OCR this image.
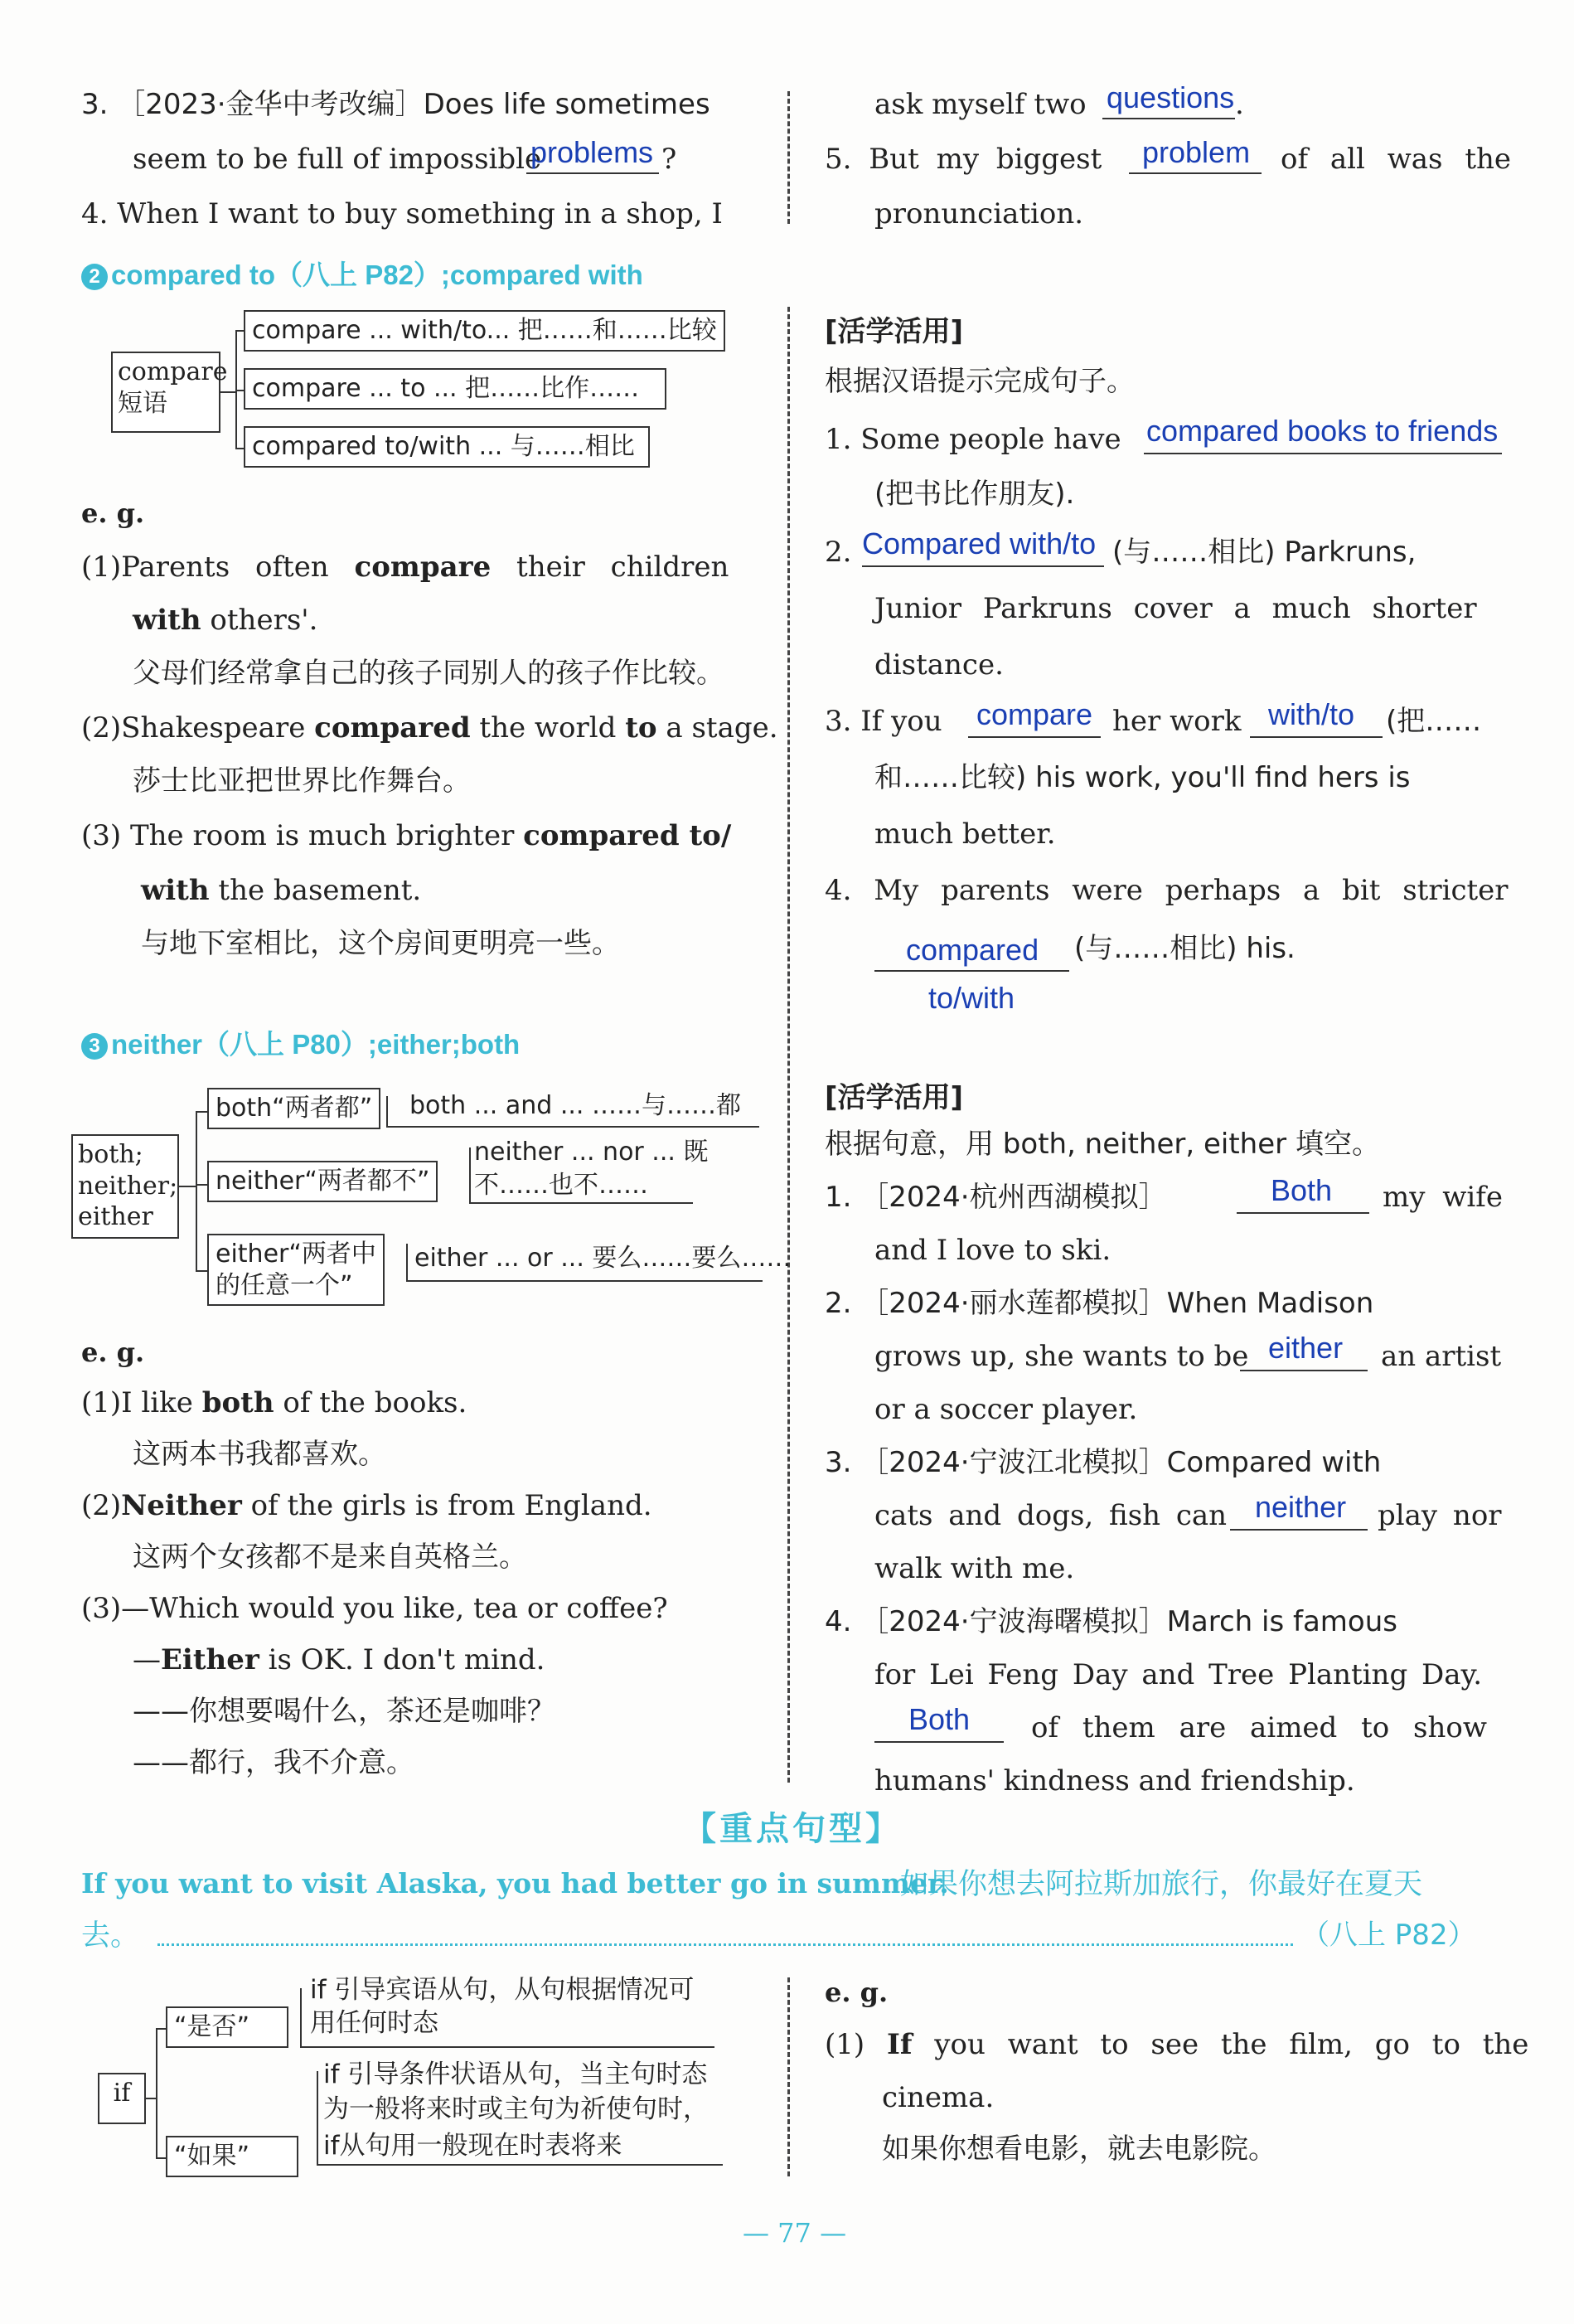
3. ［2023·金华中考改编］Does life sometimes
seem to be full of impossible
problems ?
4. When I want to buy something in a shop, I
ask myself two questions .
5. But my biggest problem of all was the
pronunciation.
2 compared to（八上 P82）;compared with
compare
短语
compare ... with/to... 把……和……比较
compare ... to ... 把……比作……
compared to/with ... 与……相比
e. g.
(1)Parents often compare their children
with others'.
父母们经常拿自己的孩子同别人的孩子作比较。
(2)Shakespeare compared the world to a stage.
莎士比亚把世界比作舞台。
(3) The room is much brighter compared to/
with the basement.
与地下室相比，这个房间更明亮一些。
[活学活用]
根据汉语提示完成句子。
1. Some people have compared books to friends
(把书比作朋友).
2. Compared with/to (与……相比) Parkruns,
Junior Parkruns cover a much shorter
distance.
3. If you compare her work with/to (把……
和……比较) his work, you'll find hers is
much better.
4. My parents were perhaps a bit stricter
compared (与……相比) his.
to/with
3 neither（八上 P80）;either;both
both;
neither;
either
both“两者都”	both ... and ... ……与……都
neither“两者都不”
neither ... nor ... 既
不……也不……
either“两者中
的任意一个”
either ... or ... 要么……要么……
e. g.
(1)I like both of the books.
这两本书我都喜欢。
(2)Neither of the girls is from England.
这两个女孩都不是来自英格兰。
(3)—Which would you like, tea or coffee?
—Either is OK. I don't mind.
——你想要喝什么，茶还是咖啡？
——都行，我不介意。
[活学活用]
根据句意，用 both, neither, either 填空。
1. ［2024·杭州西湖模拟］	Both my wife
and I love to ski.
2. ［2024·丽水莲都模拟］When Madison
grows up, she wants to be either an artist
or a soccer player.
3. ［2024·宁波江北模拟］Compared with
cats and dogs, fish can neither play nor
walk with me.
4. ［2024·宁波海曙模拟］March is famous
for Lei Feng Day and Tree Planting Day.
Both of them are aimed to show
humans' kindness and friendship.
【重点句型】
If you want to visit Alaska, you had better go in summer.
如果你想去阿拉斯加旅行，你最好在夏天
去。	（八上 P82）
if
“是否”
if 引导宾语从句，从句根据情况可
用任何时态
“如果”
if 引导条件状语从句，当主句时态
为一般将来时或主句为祈使句时，
if从句用一般现在时表将来
e. g.
(1) If you want to see the film, go to the
cinema.
如果你想看电影，就去电影院。
— 77 —
